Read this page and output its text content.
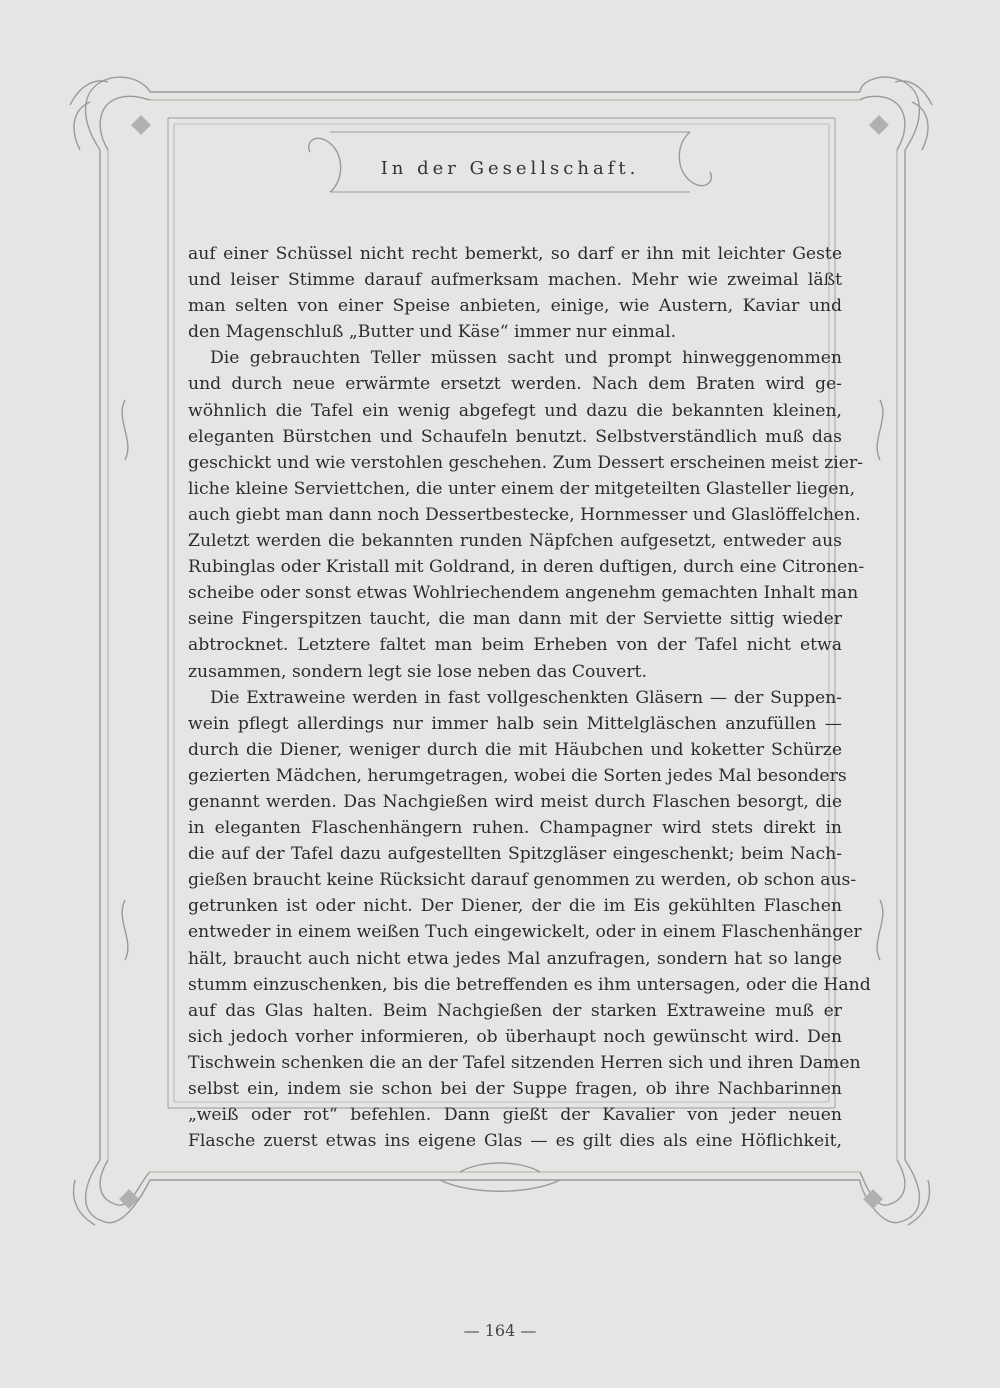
In der Gesellschaft.
auf einer Schüssel nicht recht bemerkt, so darf er ihn mit leichter Geste
und leiser Stimme darauf aufmerksam machen. Mehr wie zweimal läßt
man selten von einer Speise anbieten, einige, wie Austern, Kaviar und
den Magenschluß „Butter und Käse“ immer nur einmal.
Die gebrauchten Teller müssen sacht und prompt hinweggenommen
und durch neue erwärmte ersetzt werden. Nach dem Braten wird ge-
wöhnlich die Tafel ein wenig abgefegt und dazu die bekannten kleinen,
eleganten Bürstchen und Schaufeln benutzt. Selbstverständlich muß das
geschickt und wie verstohlen geschehen. Zum Dessert erscheinen meist zier-
liche kleine Serviettchen, die unter einem der mitgeteilten Glasteller liegen,
auch giebt man dann noch Dessertbestecke, Hornmesser und Glaslöffelchen.
Zuletzt werden die bekannten runden Näpfchen aufgesetzt, entweder aus
Rubinglas oder Kristall mit Goldrand, in deren duftigen, durch eine Citronen-
scheibe oder sonst etwas Wohlriechendem angenehm gemachten Inhalt man
seine Fingerspitzen taucht, die man dann mit der Serviette sittig wieder
abtrocknet. Letztere faltet man beim Erheben von der Tafel nicht etwa
zusammen, sondern legt sie lose neben das Couvert.
Die Extraweine werden in fast vollgeschenkten Gläsern — der Suppen-
wein pflegt allerdings nur immer halb sein Mittelgläschen anzufüllen —
durch die Diener, weniger durch die mit Häubchen und koketter Schürze
gezierten Mädchen, herumgetragen, wobei die Sorten jedes Mal besonders
genannt werden. Das Nachgießen wird meist durch Flaschen besorgt, die
in eleganten Flaschenhängern ruhen. Champagner wird stets direkt in
die auf der Tafel dazu aufgestellten Spitzgläser eingeschenkt; beim Nach-
gießen braucht keine Rücksicht darauf genommen zu werden, ob schon aus-
getrunken ist oder nicht. Der Diener, der die im Eis gekühlten Flaschen
entweder in einem weißen Tuch eingewickelt, oder in einem Flaschenhänger
hält, braucht auch nicht etwa jedes Mal anzufragen, sondern hat so lange
stumm einzuschenken, bis die betreffenden es ihm untersagen, oder die Hand
auf das Glas halten. Beim Nachgießen der starken Extraweine muß er
sich jedoch vorher informieren, ob überhaupt noch gewünscht wird. Den
Tischwein schenken die an der Tafel sitzenden Herren sich und ihren Damen
selbst ein, indem sie schon bei der Suppe fragen, ob ihre Nachbarinnen
„weiß oder rot“ befehlen. Dann gießt der Kavalier von jeder neuen
Flasche zuerst etwas ins eigene Glas — es gilt dies als eine Höflichkeit,
— 164 —
